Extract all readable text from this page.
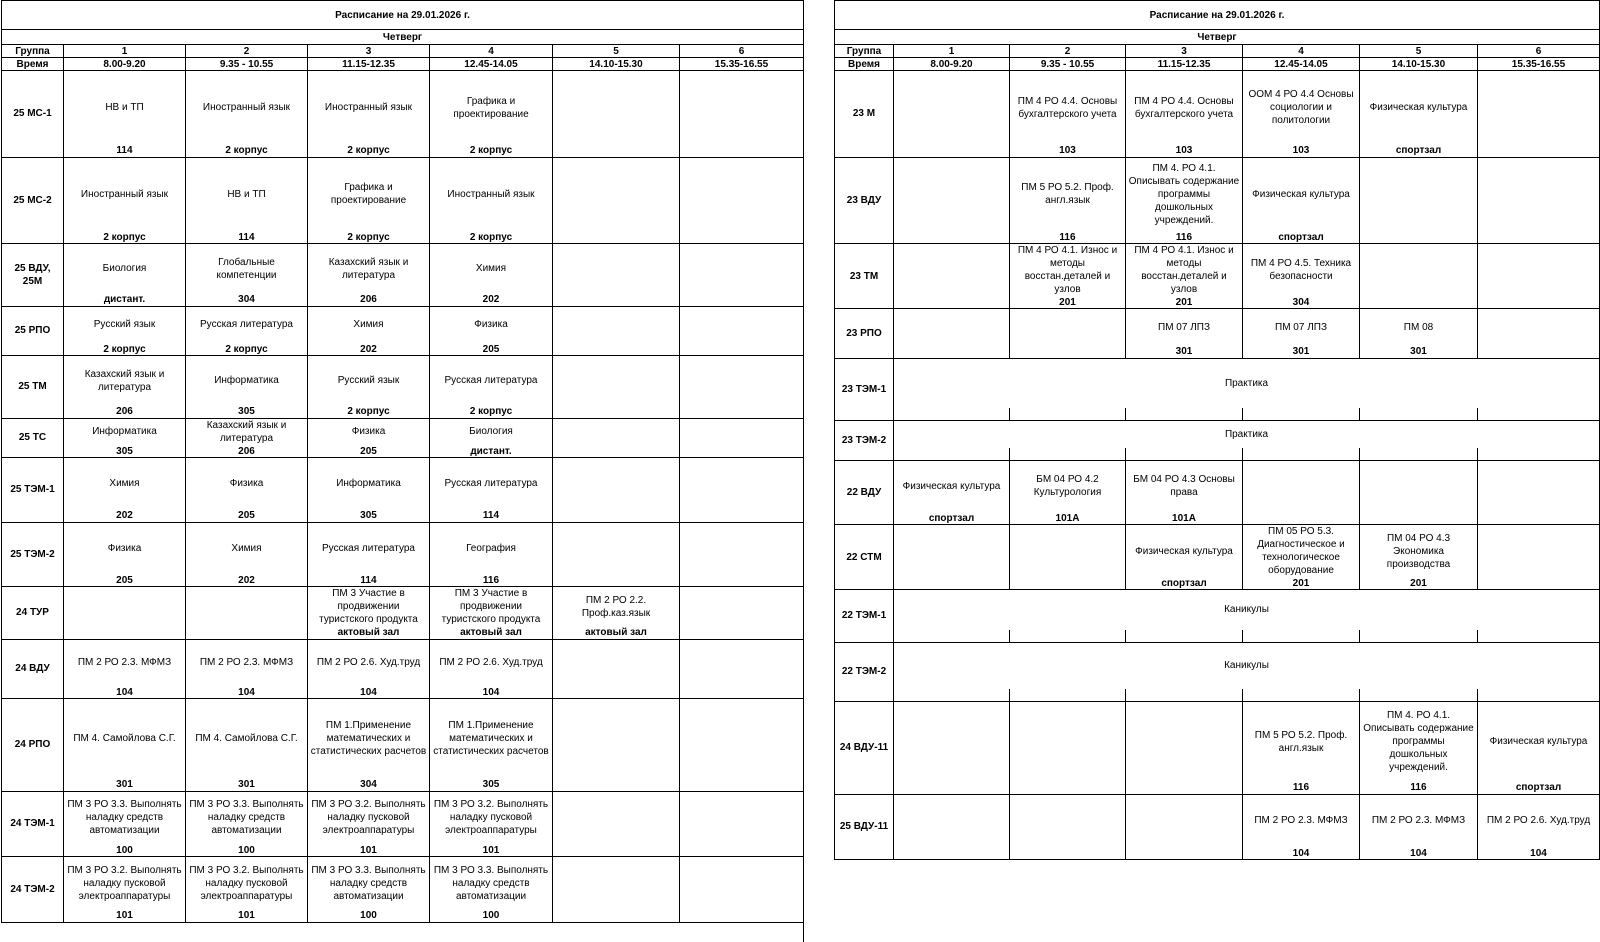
Расписание на 29.01.2026 г.						
Четверг						
Группа	1	2	3	4	5	6
Время	8.00-9.20	9.35 - 10.55	11.15-12.35	12.45-14.05	14.10-15.30	15.35-16.55
25 МС-1	НВ и ТП	Иностранный язык	Иностранный язык	Графика и проектирование		
	114	2 корпус	2 корпус	2 корпус		
25 МС-2	Иностранный язык	НВ и ТП	Графика и проектирование	Иностранный язык		
	2 корпус	114	2 корпус	2 корпус		
25 ВДУ, 25М	Биология	Глобальные компетенции	Казахский язык и литература	Химия		
	дистант.	304	206	202		
25 РПО	Русский язык	Русская литература	Химия	Физика		
	2 корпус	2 корпус	202	205		
25 ТМ	Казахский язык и литература	Информатика	Русский язык	Русская литература		
	206	305	2 корпус	2 корпус		
25 ТС	Информатика	Казахский язык и литература	Физика	Биология		
	305	206	205	дистант.		
25 ТЭМ-1	Химия	Физика	Информатика	Русская литература		
	202	205	305	114		
25 ТЭМ-2	Физика	Химия	Русская литература	География		
	205	202	114	116		
24 ТУР			ПМ 3 Участие в продвижении туристского продукта	ПМ 3 Участие в продвижении туристского продукта	ПМ 2 РО 2.2. Проф.каз.язык	
			актовый зал	актовый зал	актовый зал	
24 ВДУ	ПМ 2 РО 2.3. МФМЗ	ПМ 2 РО 2.3. МФМЗ	ПМ 2 РО 2.6. Худ.труд	ПМ 2 РО 2.6. Худ.труд		
	104	104	104	104		
24 РПО	ПМ 4. Самойлова С.Г.	ПМ 4. Самойлова С.Г.	ПМ 1.Применение математических и статистических расчетов	ПМ 1.Применение математических и статистических расчетов		
	301	301	304	305		
24 ТЭМ-1	ПМ 3 РО 3.3. Выполнять наладку средств автоматизации	ПМ 3 РО 3.3. Выполнять наладку средств автоматизации	ПМ 3 РО 3.2. Выполнять наладку пусковой электроаппаратуры	ПМ 3 РО 3.2. Выполнять наладку пусковой электроаппаратуры		
	100	100	101	101		
24 ТЭМ-2	ПМ 3 РО 3.2. Выполнять наладку пусковой электроаппаратуры	ПМ 3 РО 3.2. Выполнять наладку пусковой электроаппаратуры	ПМ 3 РО 3.3. Выполнять наладку средств автоматизации	ПМ 3 РО 3.3. Выполнять наладку средств автоматизации		
	101	101	100	100		
Расписание на 29.01.2026 г.						
Четверг						
Группа	1	2	3	4	5	6
Время	8.00-9.20	9.35 - 10.55	11.15-12.35	12.45-14.05	14.10-15.30	15.35-16.55
23 М		ПМ 4 РО 4.4. Основы бухгалтерского учета	ПМ 4 РО 4.4. Основы бухгалтерского учета	ООМ 4 РО 4.4 Основы социологии и политологии	Физическая культура	
		103	103	103	спортзал	
23 ВДУ		ПМ 5 РО 5.2. Проф. англ.язык	ПМ 4. РО 4.1. Описывать содержание программы дошкольных учреждений.	Физическая культура		
		116	116	спортзал		
23 ТМ		ПМ 4 РО 4.1. Износ и методы восстан.деталей и узлов	ПМ 4 РО 4.1. Износ и методы восстан.деталей и узлов	ПМ 4 РО 4.5. Техника безопасности		
		201	201	304		
23 РПО			ПМ 07 ЛПЗ	ПМ 07 ЛПЗ	ПМ 08	
			301	301	301	
23 ТЭМ-1	Практика					

23 ТЭМ-2	Практика					

22 ВДУ	Физическая культура	БМ 04 РО 4.2 Культурология	БМ 04 РО 4.3 Основы права			
	спортзал	101А	101А			
22 СТМ			Физическая культура	ПМ 05 РО 5.3. Диагностическое и технологическое оборудование	ПМ 04 РО 4.3 Экономика производства	
			спортзал	201	201	
22 ТЭМ-1	Каникулы					

22 ТЭМ-2	Каникулы					

24 ВДУ-11				ПМ 5 РО 5.2. Проф. англ.язык	ПМ 4. РО 4.1. Описывать содержание программы дошкольных учреждений.	Физическая культура
				116	116	спортзал
25 ВДУ-11				ПМ 2 РО 2.3. МФМЗ	ПМ 2 РО 2.3. МФМЗ	ПМ 2 РО 2.6. Худ.труд
				104	104	104
